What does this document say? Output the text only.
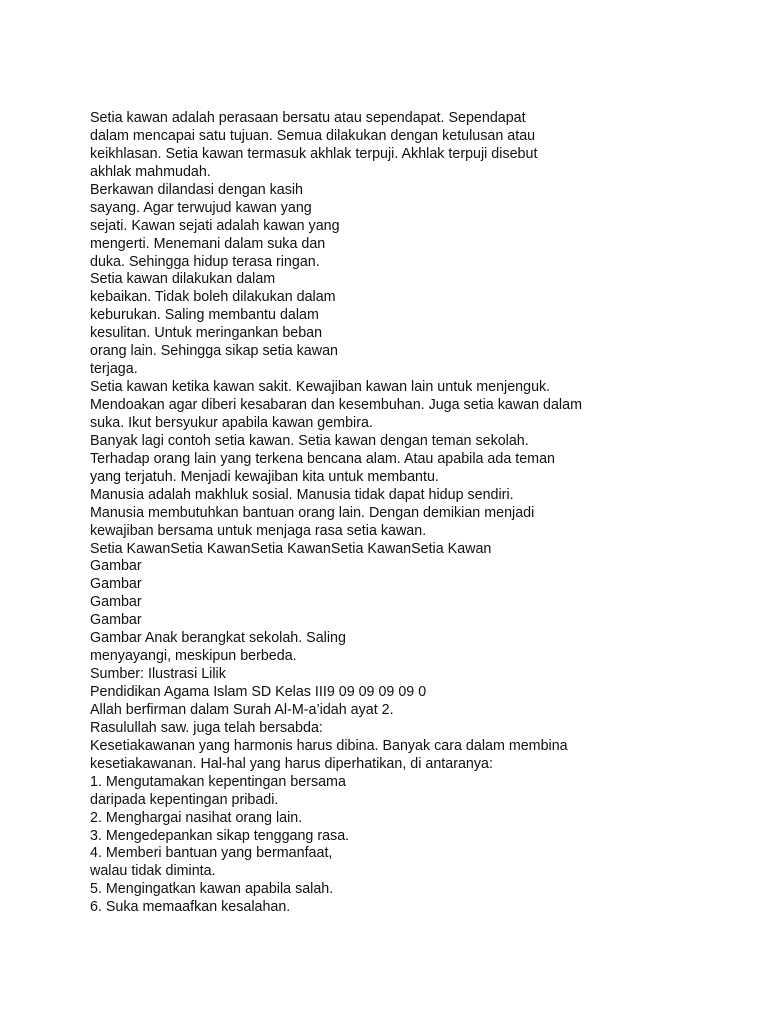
Setia kawan adalah perasaan bersatu atau sependapat. Sependapat
dalam mencapai satu tujuan. Semua dilakukan dengan ketulusan atau
keikhlasan. Setia kawan termasuk akhlak terpuji. Akhlak terpuji disebut
akhlak mahmudah.
Berkawan dilandasi dengan kasih
sayang. Agar terwujud kawan yang
sejati. Kawan sejati adalah kawan yang
mengerti. Menemani dalam suka dan
duka. Sehingga hidup terasa ringan.
Setia kawan dilakukan dalam
kebaikan. Tidak boleh dilakukan dalam
keburukan. Saling membantu dalam
kesulitan. Untuk meringankan beban
orang lain. Sehingga sikap setia kawan
terjaga.
Setia kawan ketika kawan sakit. Kewajiban kawan lain untuk menjenguk.
Mendoakan agar diberi kesabaran dan kesembuhan. Juga setia kawan dalam
suka. Ikut bersyukur apabila kawan gembira.
Banyak lagi contoh setia kawan. Setia kawan dengan teman sekolah.
Terhadap orang lain yang terkena bencana alam. Atau apabila ada teman
yang terjatuh. Menjadi kewajiban kita untuk membantu.
Manusia adalah makhluk sosial. Manusia tidak dapat hidup sendiri.
Manusia membutuhkan bantuan orang lain. Dengan demikian menjadi
kewajiban bersama untuk menjaga rasa setia kawan.
Setia KawanSetia KawanSetia KawanSetia KawanSetia Kawan
Gambar
Gambar
Gambar
Gambar
Gambar Anak berangkat sekolah. Saling
menyayangi, meskipun berbeda.
Sumber: Ilustrasi Lilik
Pendidikan Agama Islam SD Kelas III9 09 09 09 09 0
Allah berfirman dalam Surah Al-M-a’idah ayat 2.
Rasulullah saw. juga telah bersabda:
Kesetiakawanan yang harmonis harus dibina. Banyak cara dalam membina
kesetiakawanan. Hal-hal yang harus diperhatikan, di antaranya:
1. Mengutamakan kepentingan bersama
daripada kepentingan pribadi.
2. Menghargai nasihat orang lain.
3. Mengedepankan sikap tenggang rasa.
4. Memberi bantuan yang bermanfaat,
walau tidak diminta.
5. Mengingatkan kawan apabila salah.
6. Suka memaafkan kesalahan.
